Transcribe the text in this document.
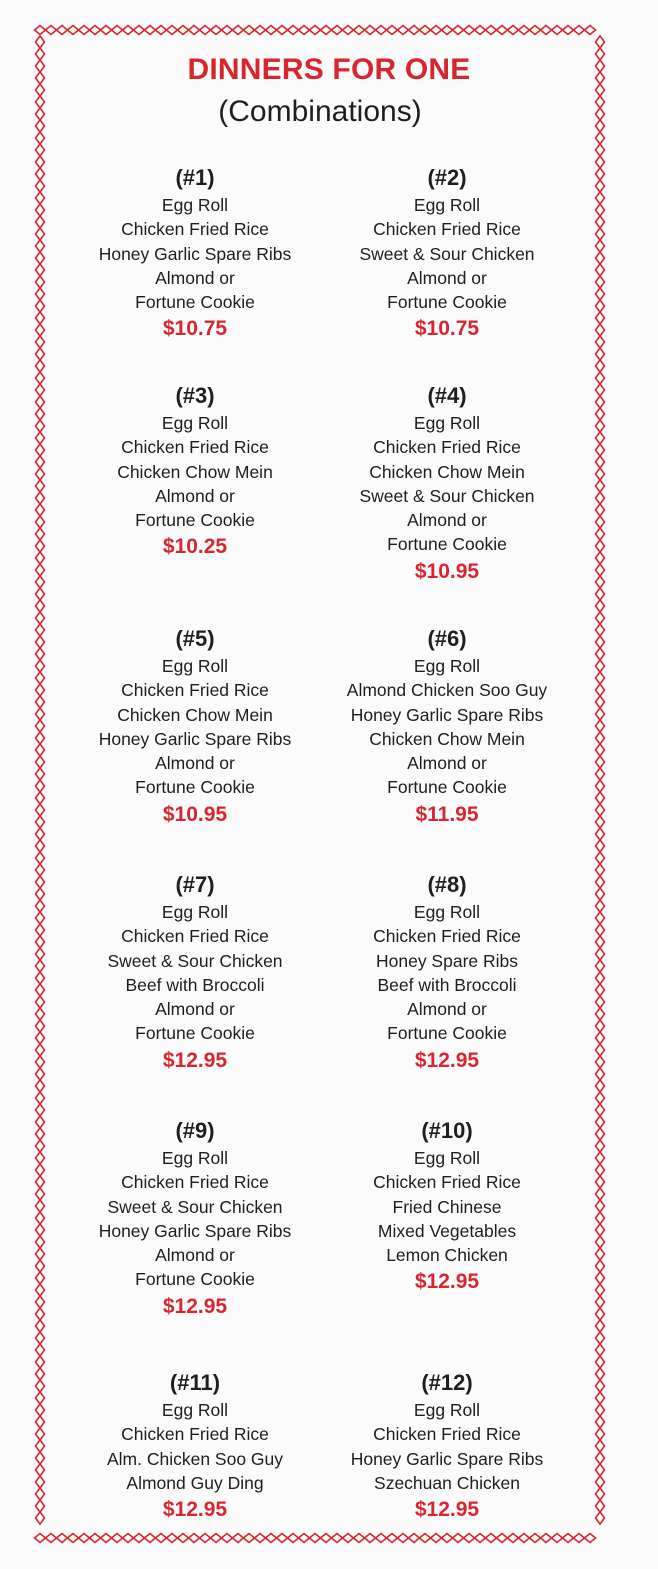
DINNERS FOR ONE
(Combinations)
(#1)
Egg Roll
Chicken Fried Rice
Honey Garlic Spare Ribs
Almond or
Fortune Cookie
$10.75
(#2)
Egg Roll
Chicken Fried Rice
Sweet & Sour Chicken
Almond or
Fortune Cookie
$10.75
(#3)
Egg Roll
Chicken Fried Rice
Chicken Chow Mein
Almond or
Fortune Cookie
$10.25
(#4)
Egg Roll
Chicken Fried Rice
Chicken Chow Mein
Sweet & Sour Chicken
Almond or
Fortune Cookie
$10.95
(#5)
Egg Roll
Chicken Fried Rice
Chicken Chow Mein
Honey Garlic Spare Ribs
Almond or
Fortune Cookie
$10.95
(#6)
Egg Roll
Almond Chicken Soo Guy
Honey Garlic Spare Ribs
Chicken Chow Mein
Almond or
Fortune Cookie
$11.95
(#7)
Egg Roll
Chicken Fried Rice
Sweet & Sour Chicken
Beef with Broccoli
Almond or
Fortune Cookie
$12.95
(#8)
Egg Roll
Chicken Fried Rice
Honey Spare Ribs
Beef with Broccoli
Almond or
Fortune Cookie
$12.95
(#9)
Egg Roll
Chicken Fried Rice
Sweet & Sour Chicken
Honey Garlic Spare Ribs
Almond or
Fortune Cookie
$12.95
(#10)
Egg Roll
Chicken Fried Rice
Fried Chinese
Mixed Vegetables
Lemon Chicken
$12.95
(#11)
Egg Roll
Chicken Fried Rice
Alm. Chicken Soo Guy
Almond Guy Ding
$12.95
(#12)
Egg Roll
Chicken Fried Rice
Honey Garlic Spare Ribs
Szechuan Chicken
$12.95
